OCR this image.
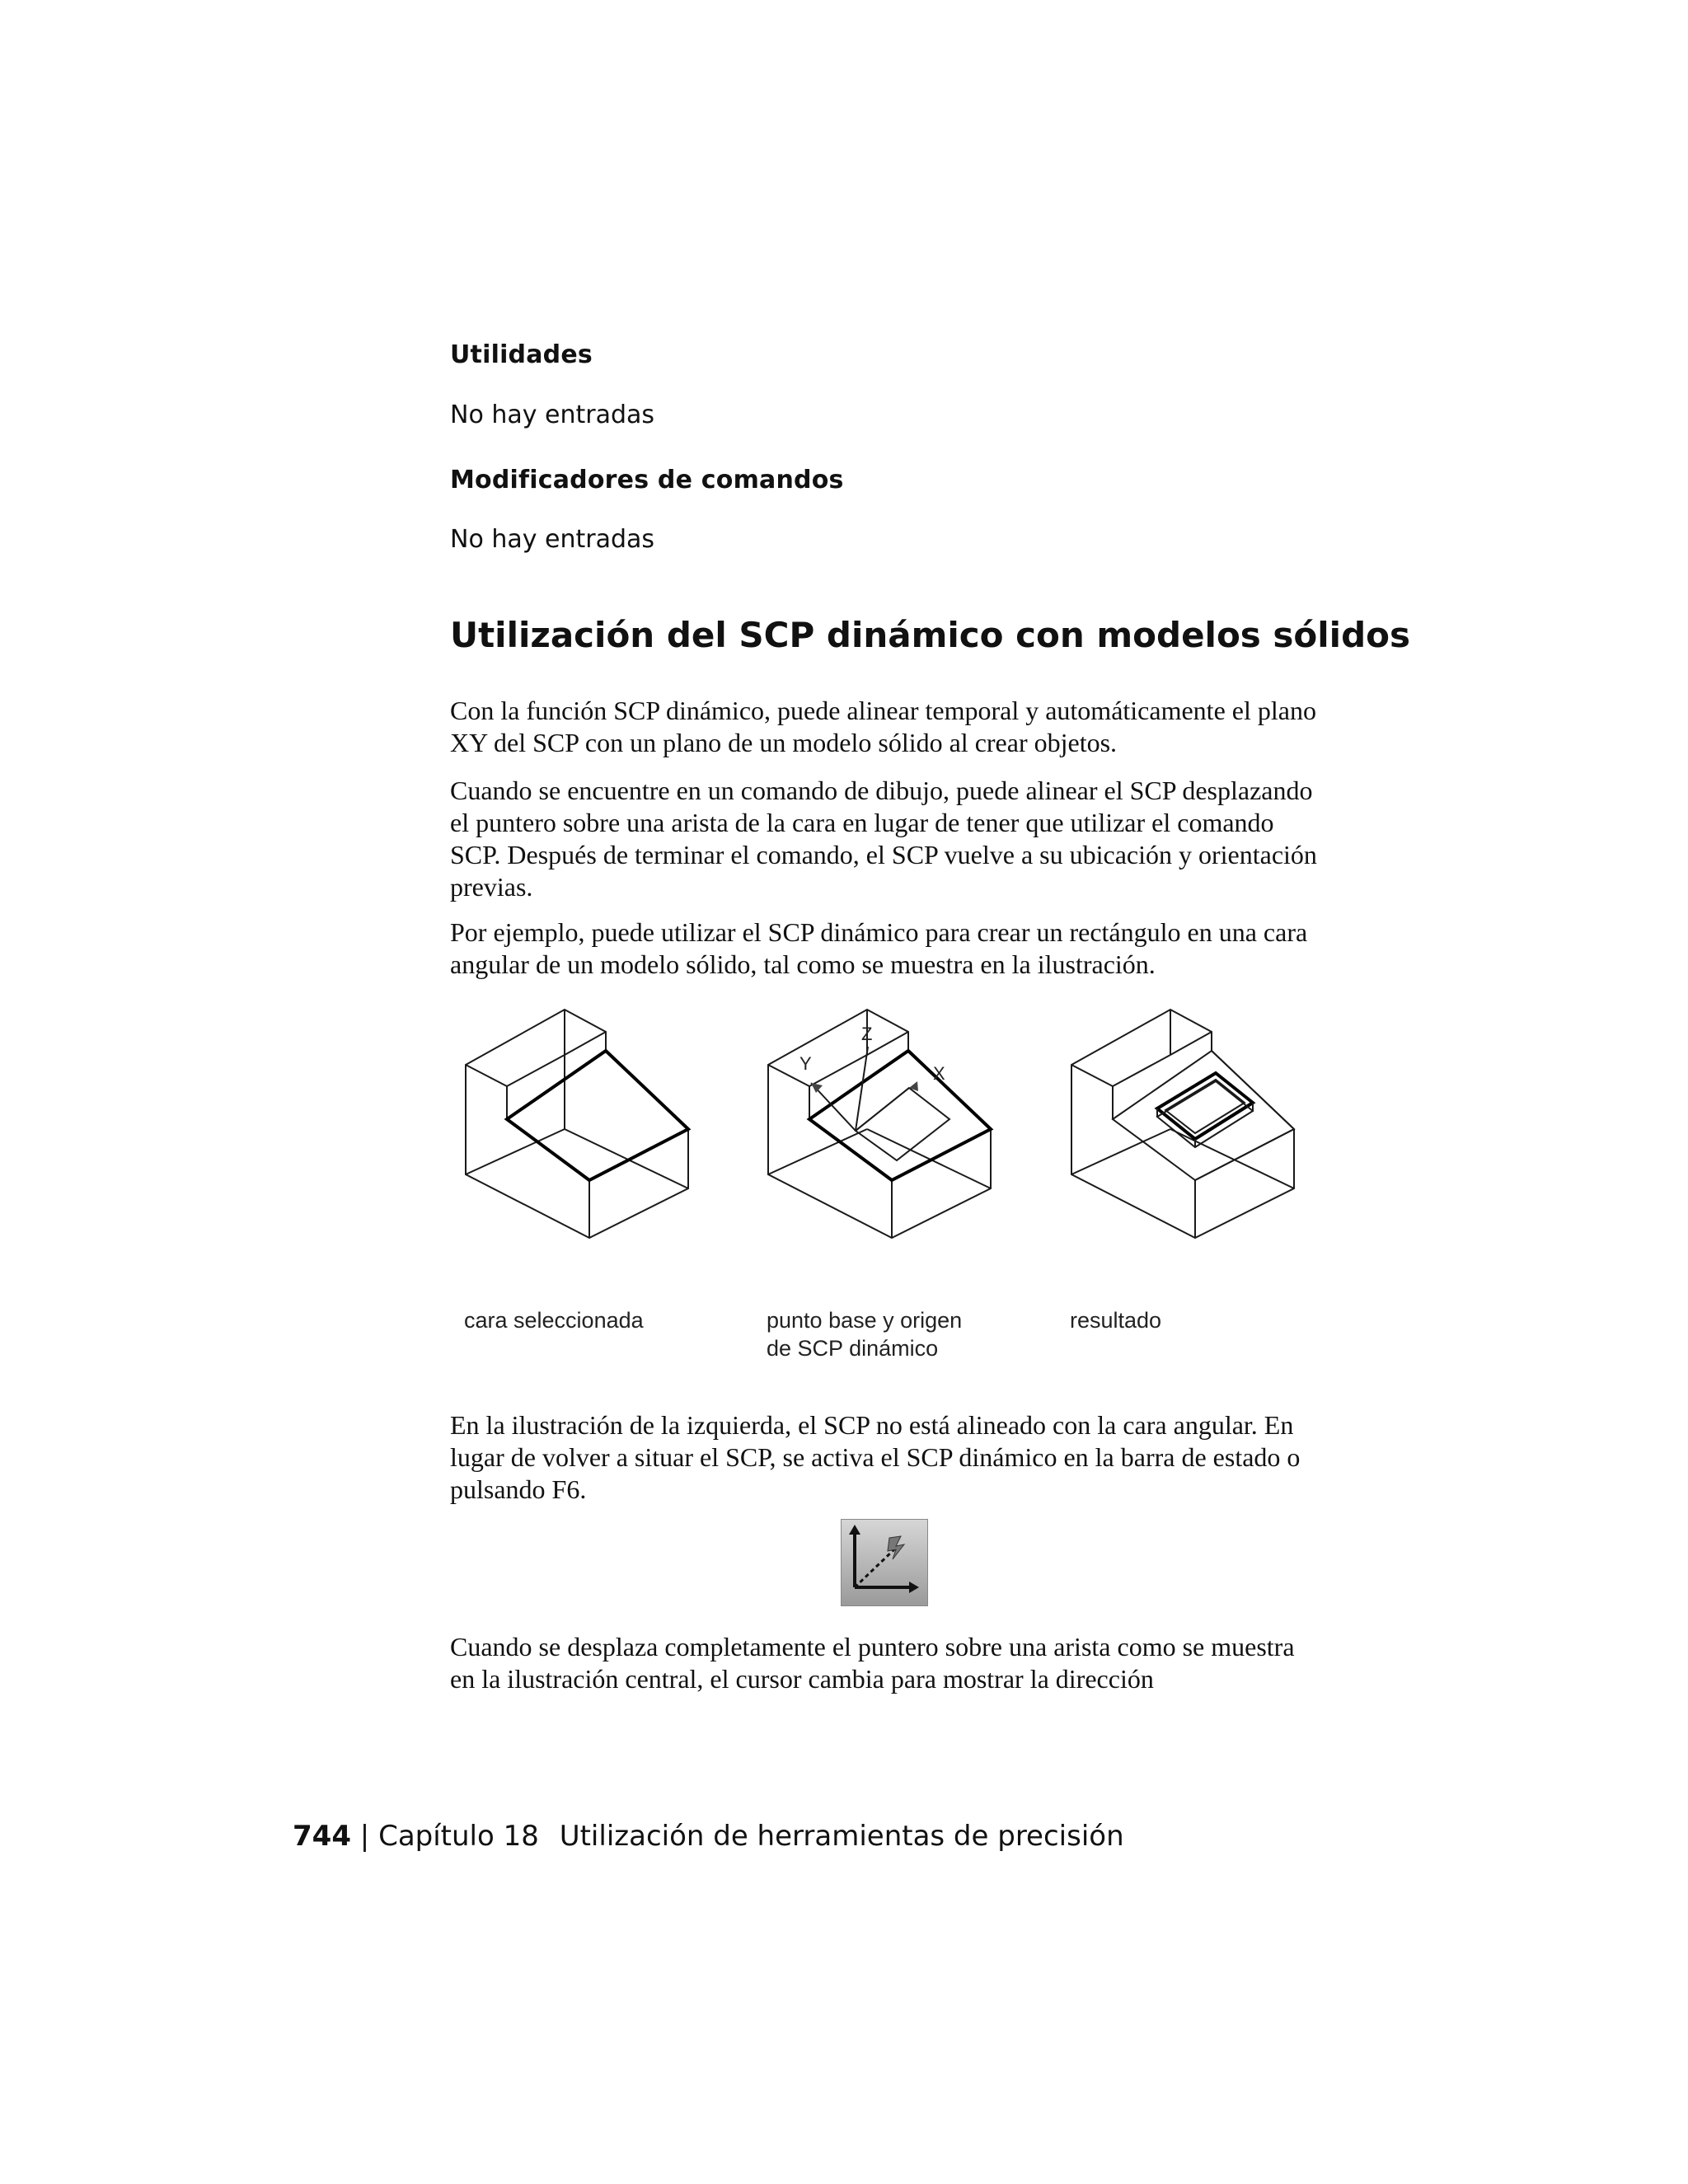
Utilidades
No hay entradas
Modificadores de comandos
No hay entradas
Utilización del SCP dinámico con modelos sólidos

Con la función SCP dinámico, puede alinear temporal y automáticamente el plano XY del SCP con un plano de un modelo sólido al crear objetos.

Cuando se encuentre en un comando de dibujo, puede alinear el SCP desplazando el puntero sobre una arista de la cara en lugar de tener que utilizar el comando SCP. Después de terminar el comando, el SCP vuelve a su ubicación y orientación previas.

Por ejemplo, puede utilizar el SCP dinámico para crear un rectángulo en una cara angular de un modelo sólido, tal como se muestra en la ilustración.

Y
Z
X
cara seleccionada	punto base y origen
de SCP dinámico
resultado

En la ilustración de la izquierda, el SCP no está alineado con la cara angular. En lugar de volver a situar el SCP, se activa el SCP dinámico en la barra de estado o pulsando F6.

Cuando se desplaza completamente el puntero sobre una arista como se muestra en la ilustración central, el cursor cambia para mostrar la dirección

744 | Capítulo 18 Utilización de herramientas de precisión
